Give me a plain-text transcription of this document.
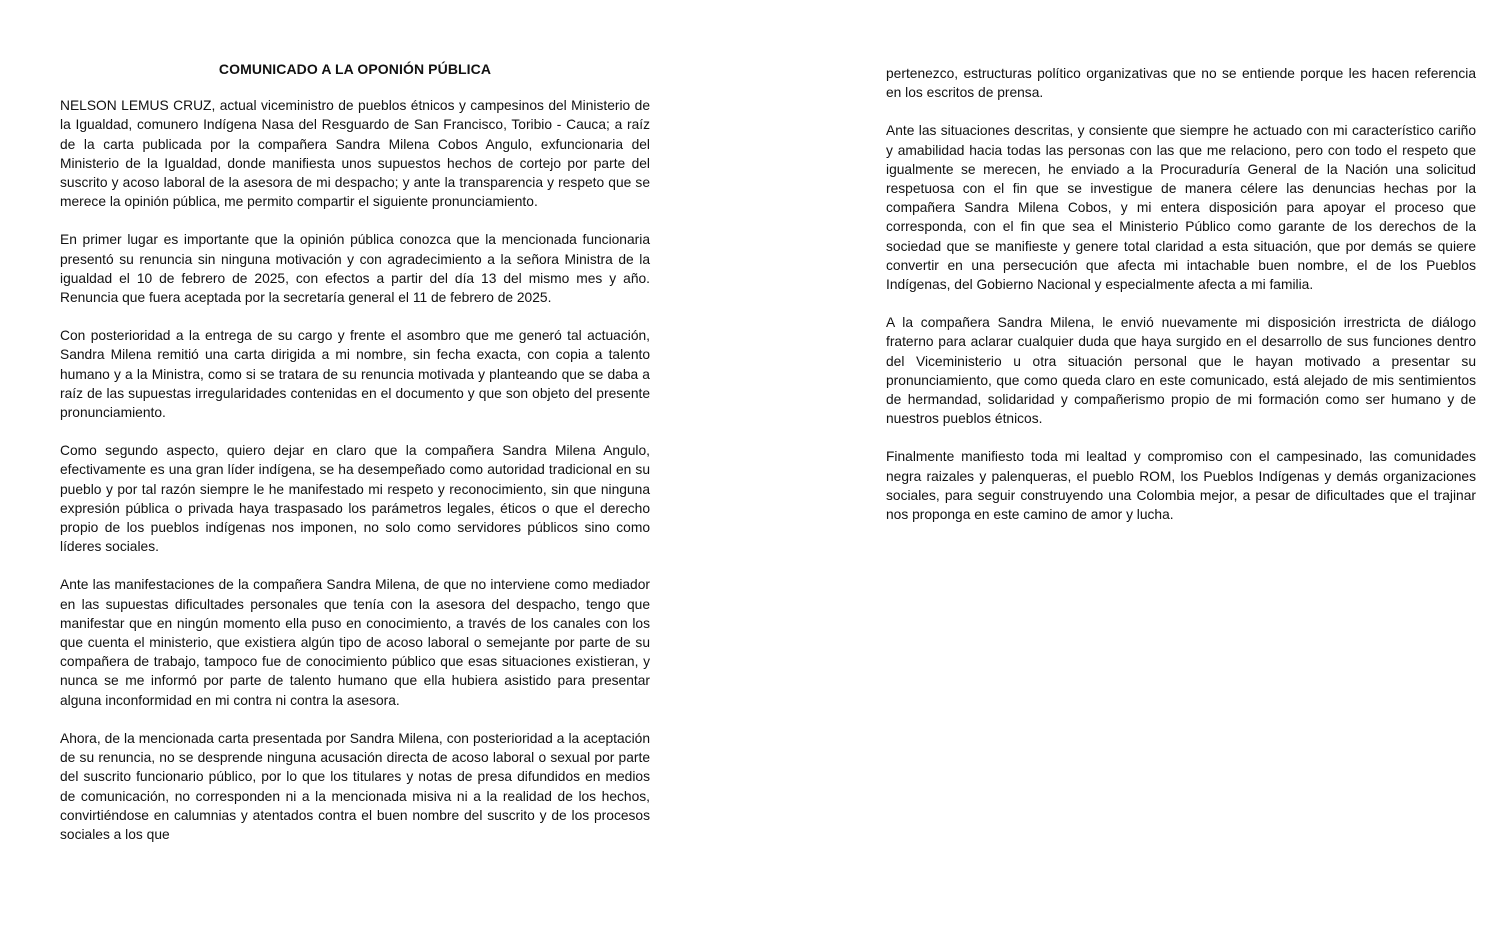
COMUNICADO A LA OPONIÓN PÚBLICA

NELSON LEMUS CRUZ, actual viceministro de pueblos étnicos y campesinos del Ministerio de la Igualdad, comunero Indígena Nasa del Resguardo de San Francisco, Toribio - Cauca; a raíz de la carta publicada por la compañera Sandra Milena Cobos Angulo, exfuncionaria del Ministerio de la Igualdad, donde manifiesta unos supuestos hechos de cortejo por parte del suscrito y acoso laboral de la asesora de mi despacho; y ante la transparencia y respeto que se merece la opinión pública, me permito compartir el siguiente pronunciamiento.

En primer lugar es importante que la opinión pública conozca que la mencionada funcionaria presentó su renuncia sin ninguna motivación y con agradecimiento a la señora Ministra de la igualdad el 10 de febrero de 2025, con efectos a partir del día 13 del mismo mes y año. Renuncia que fuera aceptada por la secretaría general el 11 de febrero de 2025.

Con posterioridad a la entrega de su cargo y frente el asombro que me generó tal actuación, Sandra Milena remitió una carta dirigida a mi nombre, sin fecha exacta, con copia a talento humano y a la Ministra, como si se tratara de su renuncia motivada y planteando que se daba a raíz de las supuestas irregularidades contenidas en el documento y que son objeto del presente pronunciamiento.

Como segundo aspecto, quiero dejar en claro que la compañera Sandra Milena Angulo, efectivamente es una gran líder indígena, se ha desempeñado como autoridad tradicional en su pueblo y por tal razón siempre le he manifestado mi respeto y reconocimiento, sin que ninguna expresión pública o privada haya traspasado los parámetros legales, éticos o que el derecho propio de los pueblos indígenas nos imponen, no solo como servidores públicos sino como líderes sociales.

Ante las manifestaciones de la compañera Sandra Milena, de que no interviene como mediador en las supuestas dificultades personales que tenía con la asesora del despacho, tengo que manifestar que en ningún momento ella puso en conocimiento, a través de los canales con los que cuenta el ministerio, que existiera algún tipo de acoso laboral o semejante por parte de su compañera de trabajo, tampoco fue de conocimiento público que esas situaciones existieran, y nunca se me informó por parte de talento humano que ella hubiera asistido para presentar alguna inconformidad en mi contra ni contra la asesora.

Ahora, de la mencionada carta presentada por Sandra Milena, con posterioridad a la aceptación de su renuncia, no se desprende ninguna acusación directa de acoso laboral o sexual por parte del suscrito funcionario público, por lo que los titulares y notas de presa difundidos en medios de comunicación, no corresponden ni a la mencionada misiva ni a la realidad de los hechos, convirtiéndose en calumnias y atentados contra el buen nombre del suscrito y de los procesos sociales a los que

pertenezco, estructuras político organizativas que no se entiende porque les hacen referencia en los escritos de prensa.

Ante las situaciones descritas, y consiente que siempre he actuado con mi característico cariño y amabilidad hacia todas las personas con las que me relaciono, pero con todo el respeto que igualmente se merecen, he enviado a la Procuraduría General de la Nación una solicitud respetuosa con el fin que se investigue de manera célere las denuncias hechas por la compañera Sandra Milena Cobos, y mi entera disposición para apoyar el proceso que corresponda, con el fin que sea el Ministerio Público como garante de los derechos de la sociedad que se manifieste y genere total claridad a esta situación, que por demás se quiere convertir en una persecución que afecta mi intachable buen nombre, el de los Pueblos Indígenas, del Gobierno Nacional y especialmente afecta a mi familia.

A la compañera Sandra Milena, le envió nuevamente mi disposición irrestricta de diálogo fraterno para aclarar cualquier duda que haya surgido en el desarrollo de sus funciones dentro del Viceministerio u otra situación personal que le hayan motivado a presentar su pronunciamiento, que como queda claro en este comunicado, está alejado de mis sentimientos de hermandad, solidaridad y compañerismo propio de mi formación como ser humano y de nuestros pueblos étnicos.

Finalmente manifiesto toda mi lealtad y compromiso con el campesinado, las comunidades negra raizales y palenqueras, el pueblo ROM, los Pueblos Indígenas y demás organizaciones sociales, para seguir construyendo una Colombia mejor, a pesar de dificultades que el trajinar nos proponga en este camino de amor y lucha.
